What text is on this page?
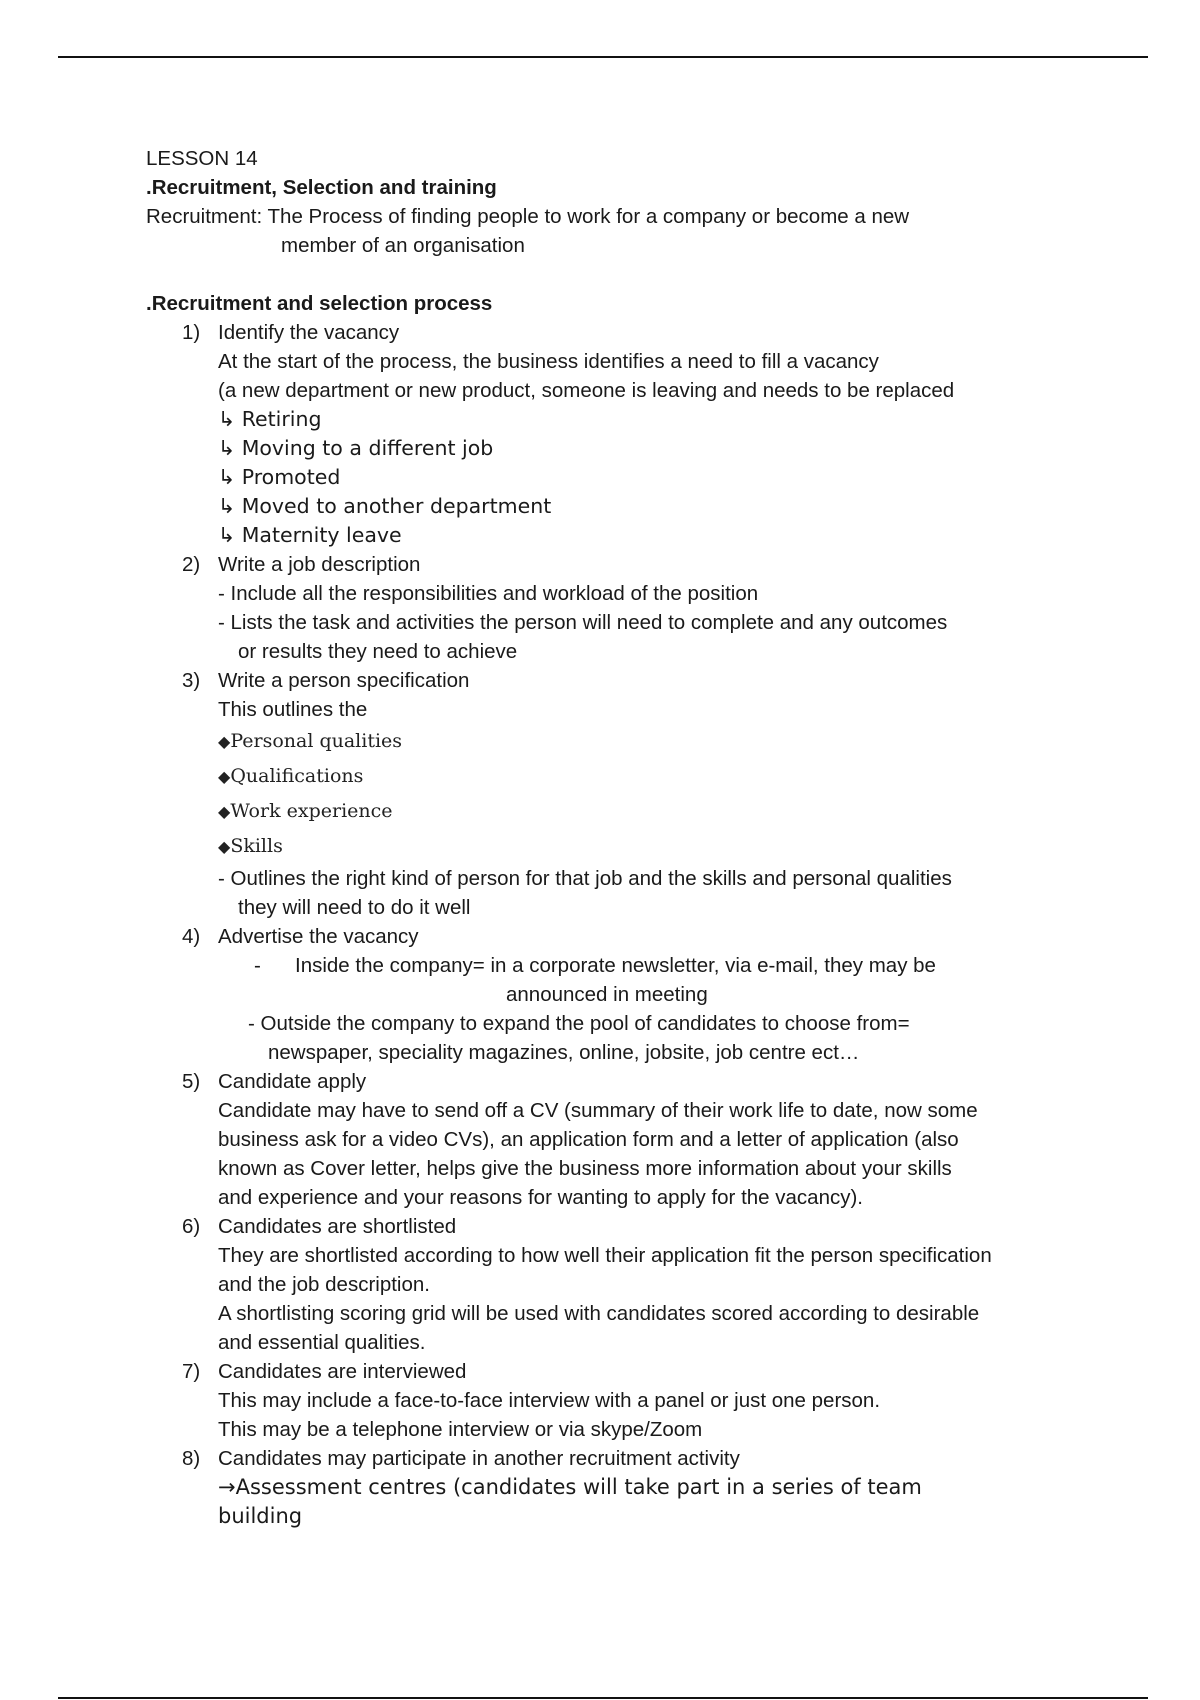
LESSON 14
.Recruitment, Selection and training
Recruitment: The Process of finding people to work for a company or become a new
member of an organisation
.Recruitment and selection process
1) Identify the vacancy
At the start of the process, the business identifies a need to fill a vacancy
(a new department or new product, someone is leaving and needs to be replaced
↳ Retiring
↳ Moving to a different job
↳ Promoted
↳ Moved to another department
↳ Maternity leave
2) Write a job description
- Include all the responsibilities and workload of the position
- Lists the task and activities the person will need to complete and any outcomes
or results they need to achieve
3) Write a person specification
This outlines the
◆Personal qualities
◆Qualifications
◆Work experience
◆Skills
- Outlines the right kind of person for that job and the skills and personal qualities
they will need to do it well
4) Advertise the vacancy
-      Inside the company= in a corporate newsletter, via e-mail, they may be
announced in meeting
- Outside the company to expand the pool of candidates to choose from=
newspaper, speciality magazines, online, jobsite, job centre ect…
5) Candidate apply
Candidate may have to send off a CV (summary of their work life to date, now some
business ask for a video CVs), an application form and a letter of application (also
known as Cover letter, helps give the business more information about your skills
and experience and your reasons for wanting to apply for the vacancy).
6) Candidates are shortlisted
They are shortlisted according to how well their application fit the person specification
and the job description.
A shortlisting scoring grid will be used with candidates scored according to desirable
and essential qualities.
7) Candidates are interviewed
This may include a face-to-face interview with a panel or just one person.
This may be a telephone interview or via skype/Zoom
8) Candidates may participate in another recruitment activity
→Assessment centres (candidates will take part in a series of team
building
